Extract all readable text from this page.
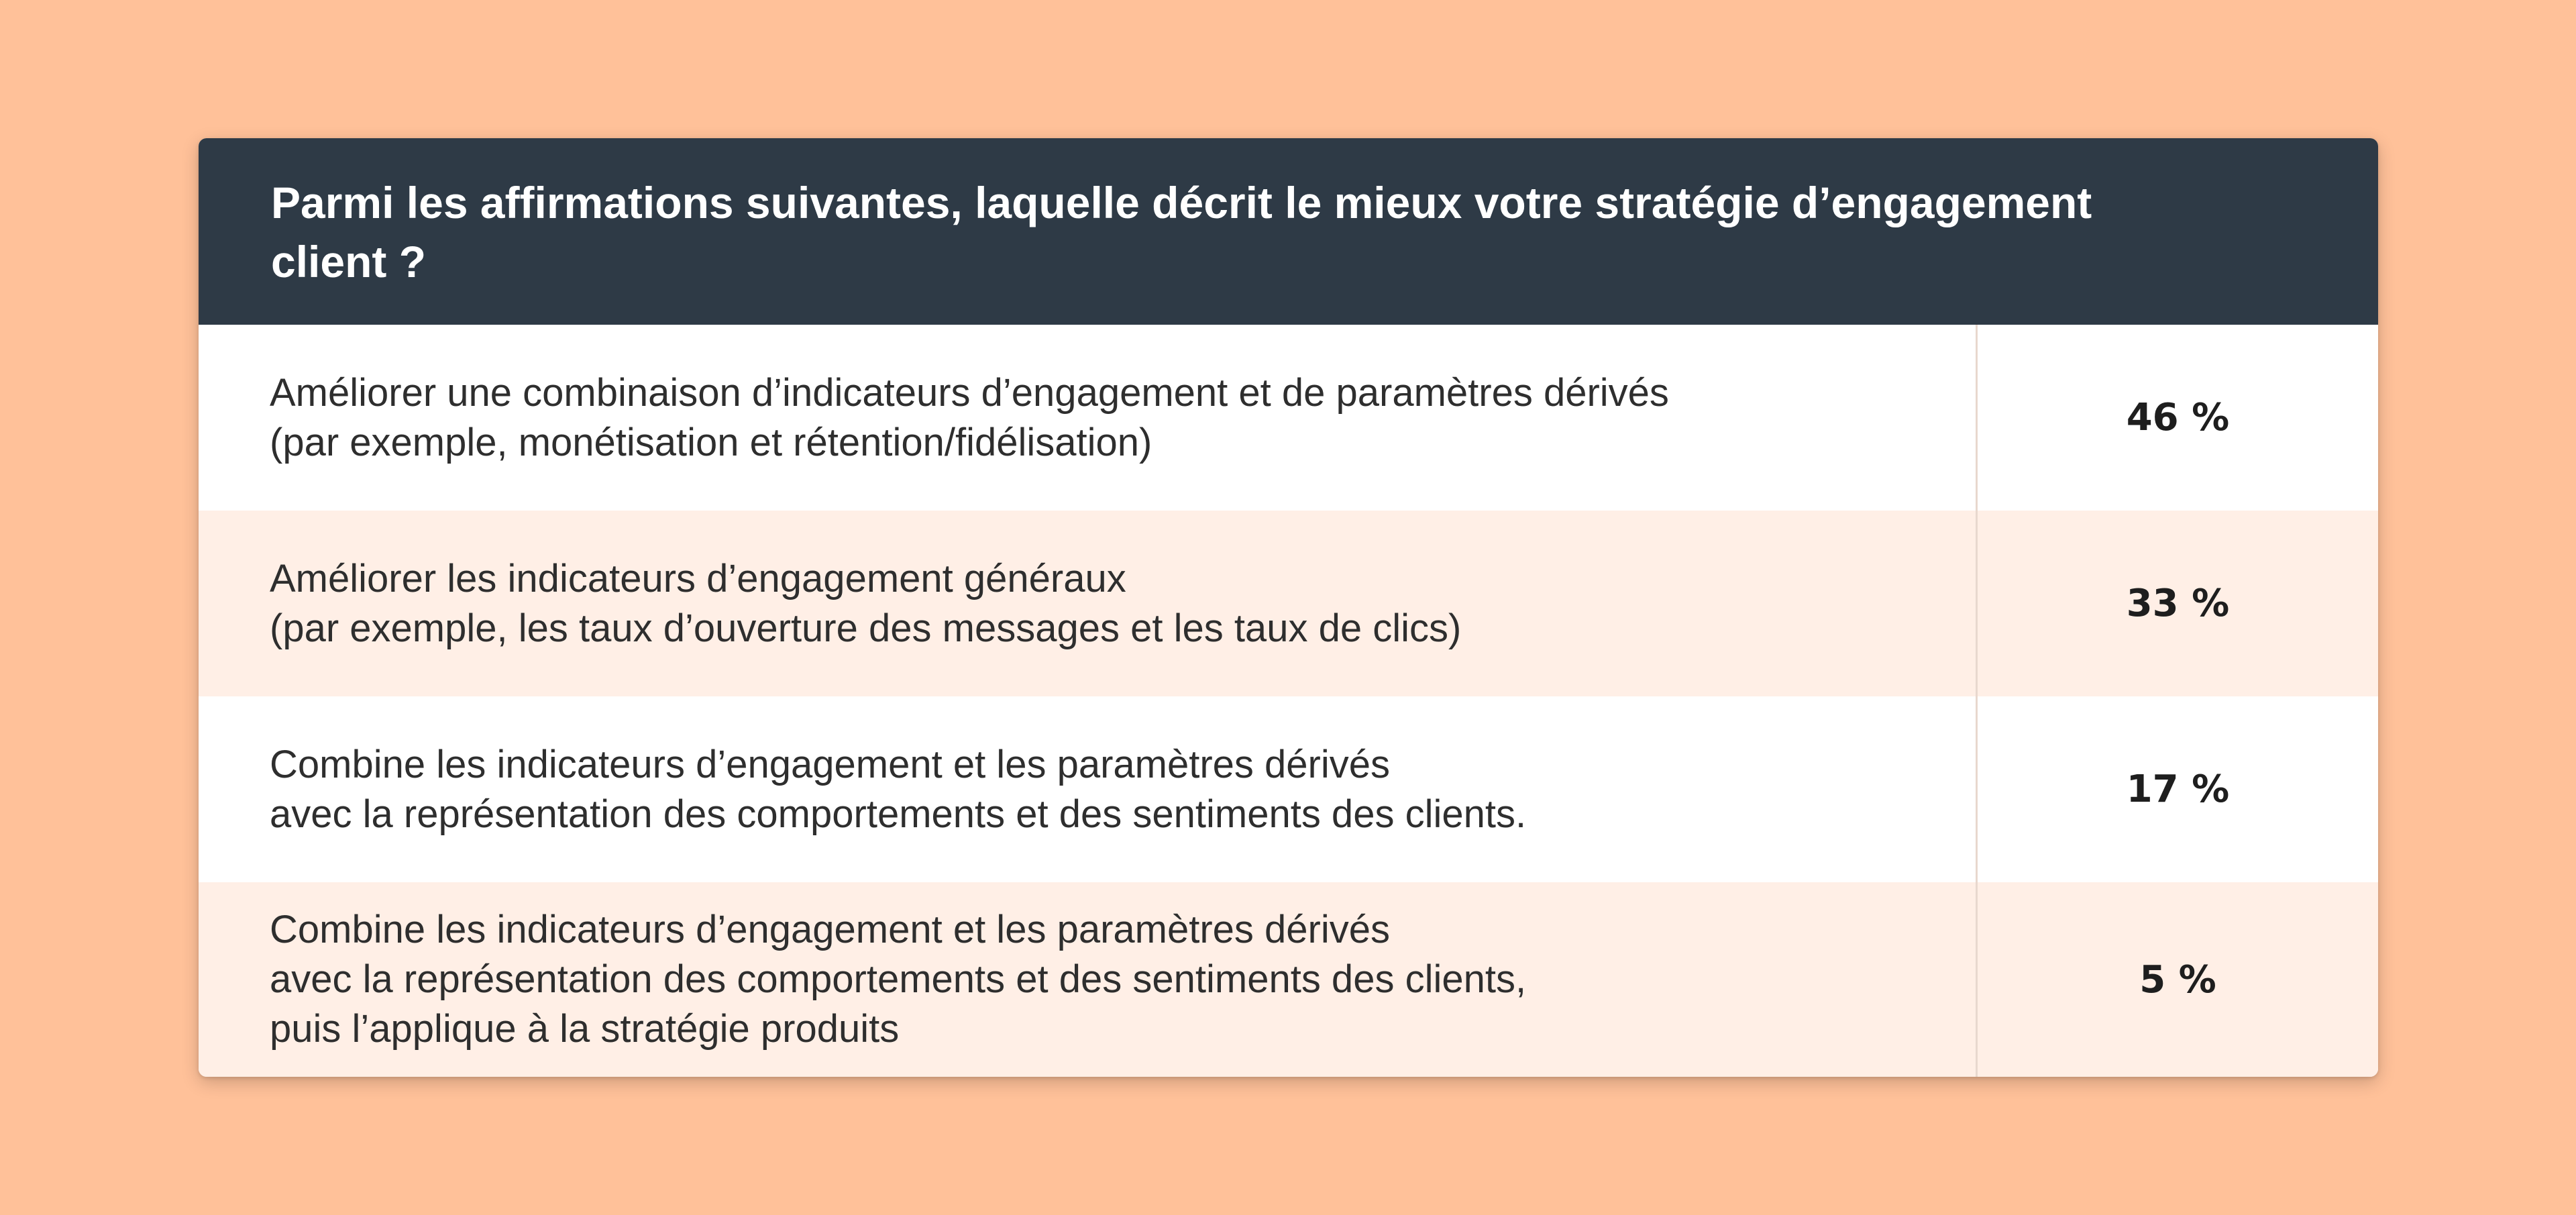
Parmi les affirmations suivantes, laquelle décrit le mieux votre stratégie d’engagement client ?
Améliorer une combinaison d’indicateurs d’engagement et de paramètres dérivés
(par exemple, monétisation et rétention/fidélisation)
46 %
Améliorer les indicateurs d’engagement généraux
(par exemple, les taux d’ouverture des messages et les taux de clics)
33 %
Combine les indicateurs d’engagement et les paramètres dérivés
avec la représentation des comportements et des sentiments des clients.
17 %
Combine les indicateurs d’engagement et les paramètres dérivés
avec la représentation des comportements et des sentiments des clients,
puis l’applique à la stratégie produits
5 %
